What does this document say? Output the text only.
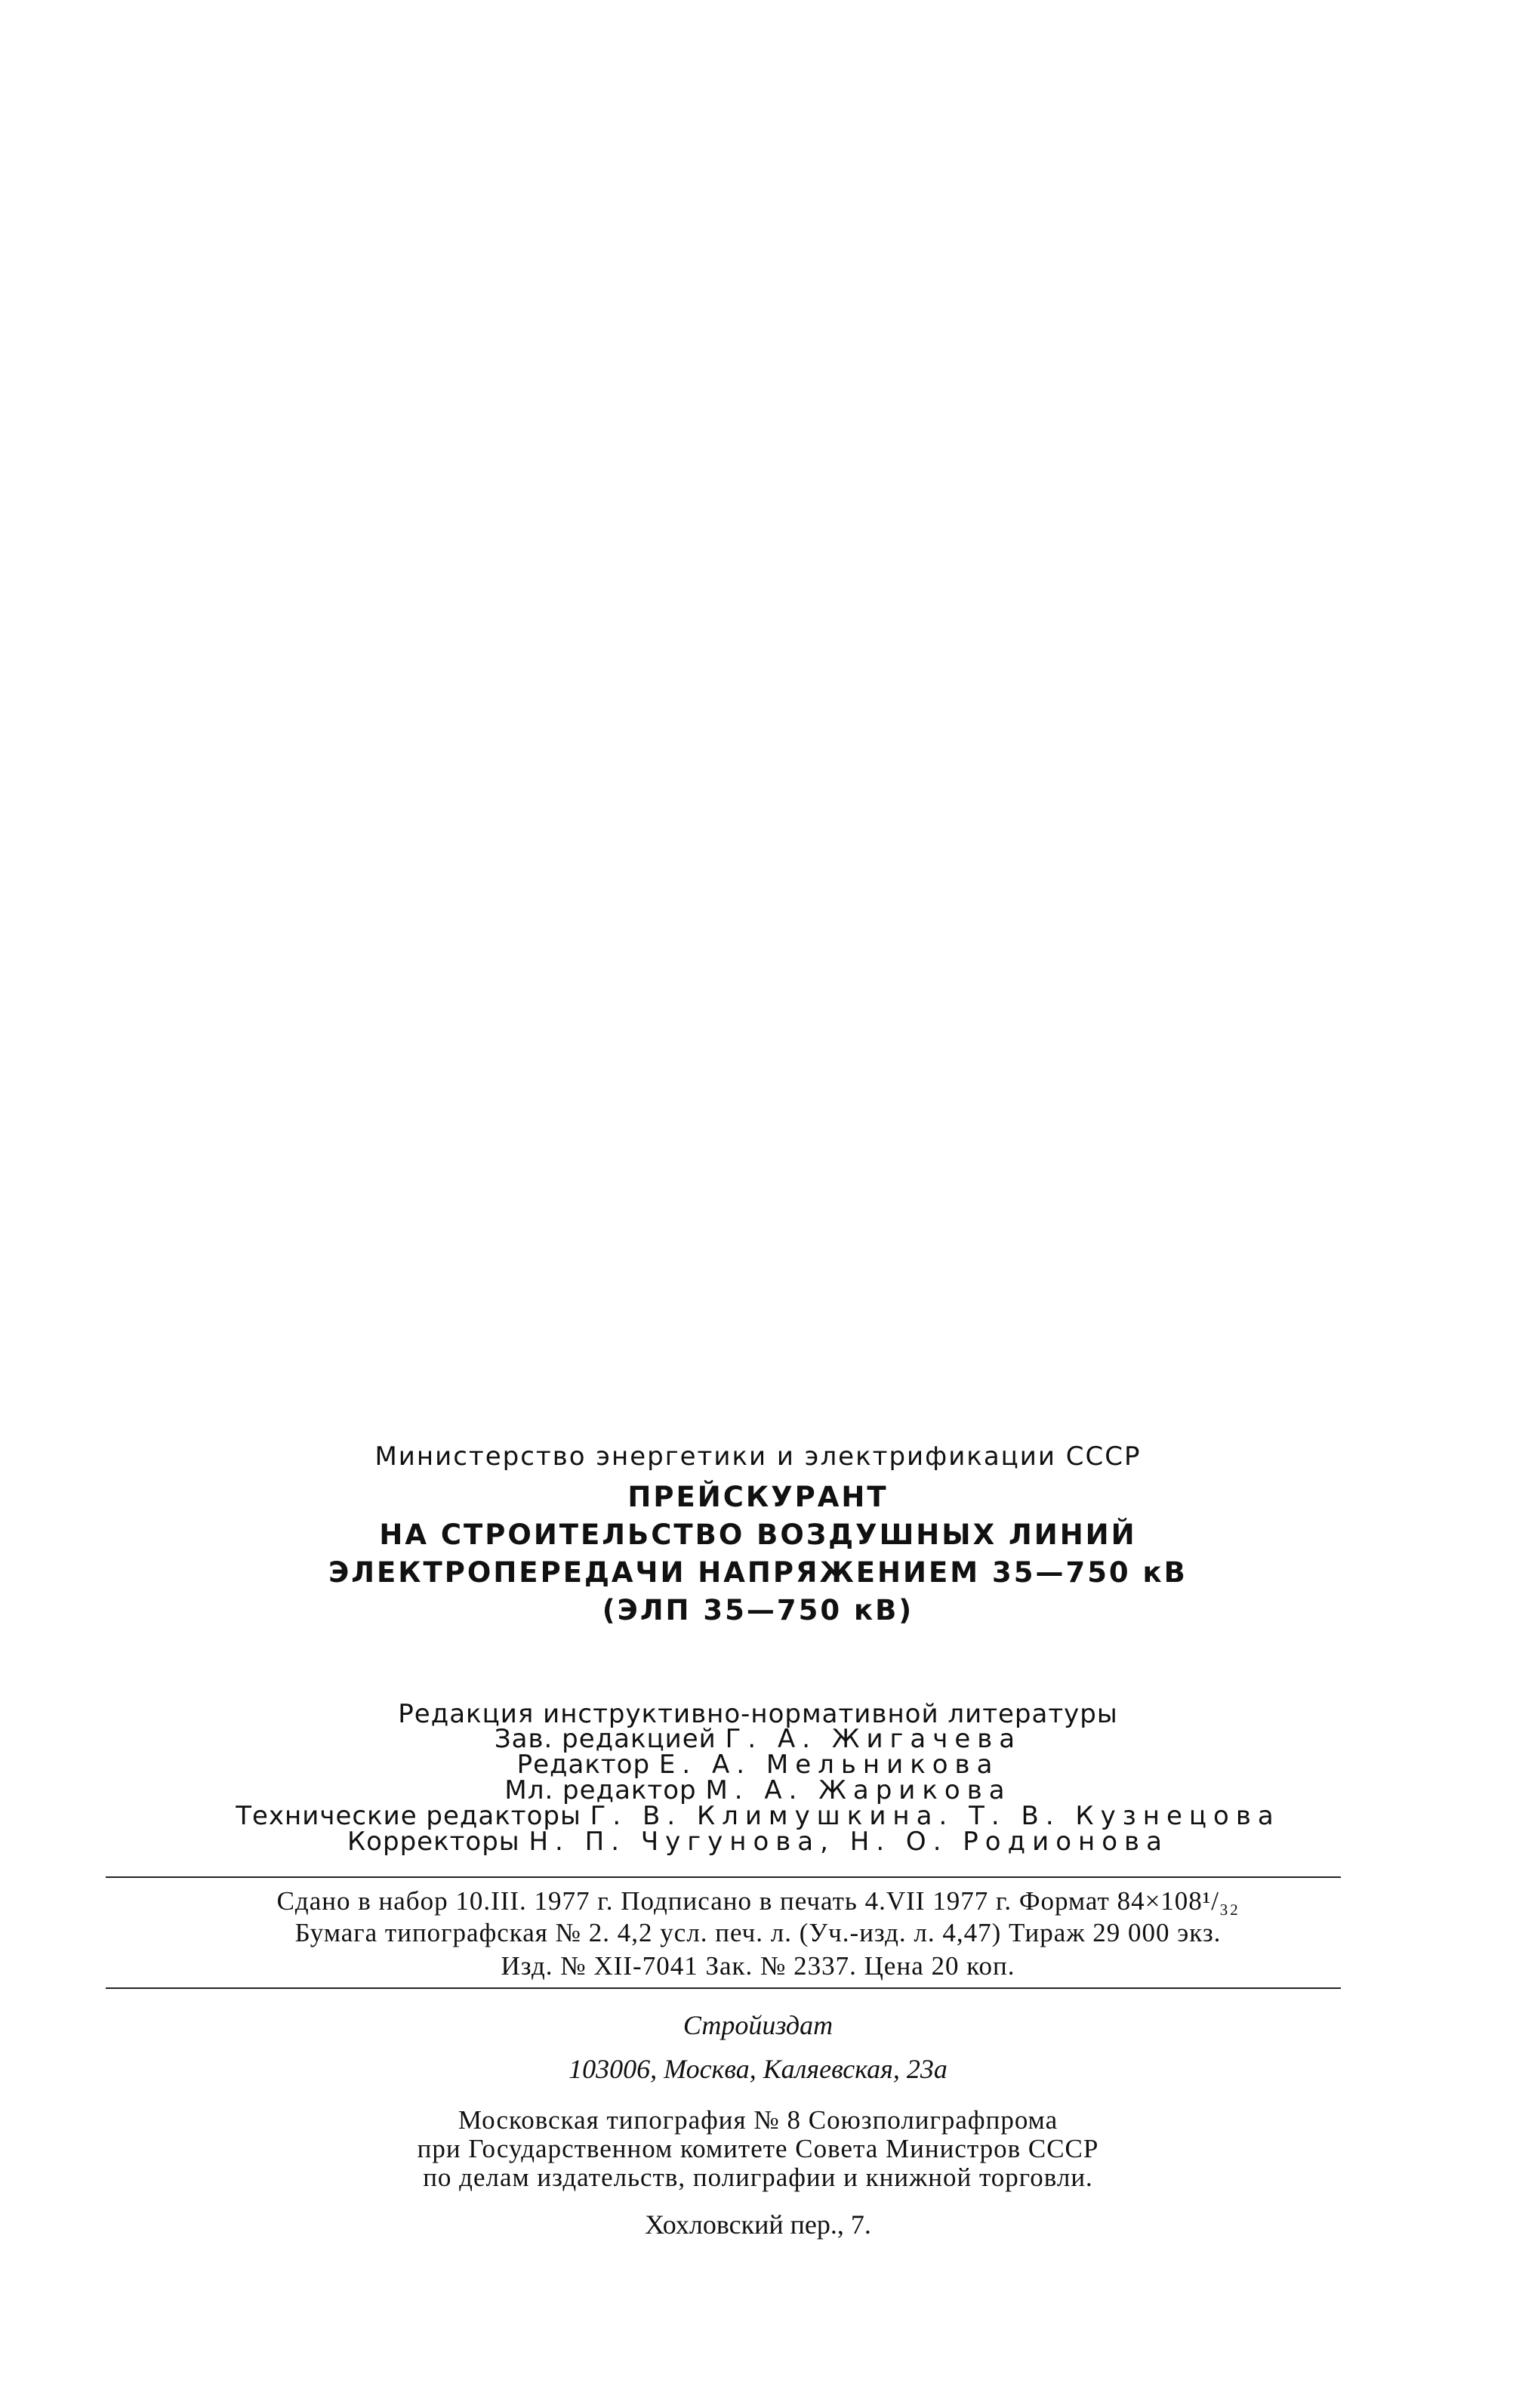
Министерство энергетики и электрификации СССР
ПРЕЙСКУРАНТ
НА СТРОИТЕЛЬСТВО ВОЗДУШНЫХ ЛИНИЙ
ЭЛЕКТРОПЕРЕДАЧИ НАПРЯЖЕНИЕМ 35—750 кВ
(ЭЛП 35—750 кВ)
Редакция инструктивно-нормативной литературы
Зав. редакцией Г. А. Жигачева
Редактор Е. А. Мельникова
Мл. редактор М. А. Жарикова
Технические редакторы Г. В. Климушкина. Т. В. Кузнецова
Корректоры Н. П. Чугунова, Н. О. Родионова
Сдано в набор 10.III. 1977 г. Подписано в печать 4.VII 1977 г. Формат 84×108¹/₃₂
Бумага типографская № 2. 4,2 усл. печ. л. (Уч.-изд. л. 4,47) Тираж 29 000 экз.
Изд. № XII-7041 Зак. № 2337. Цена 20 коп.
Стройиздат
103006, Москва, Каляевская, 23а
Московская типография № 8 Союзполиграфпрома
при Государственном комитете Совета Министров СССР
по делам издательств, полиграфии и книжной торговли.
Хохловский пер., 7.
